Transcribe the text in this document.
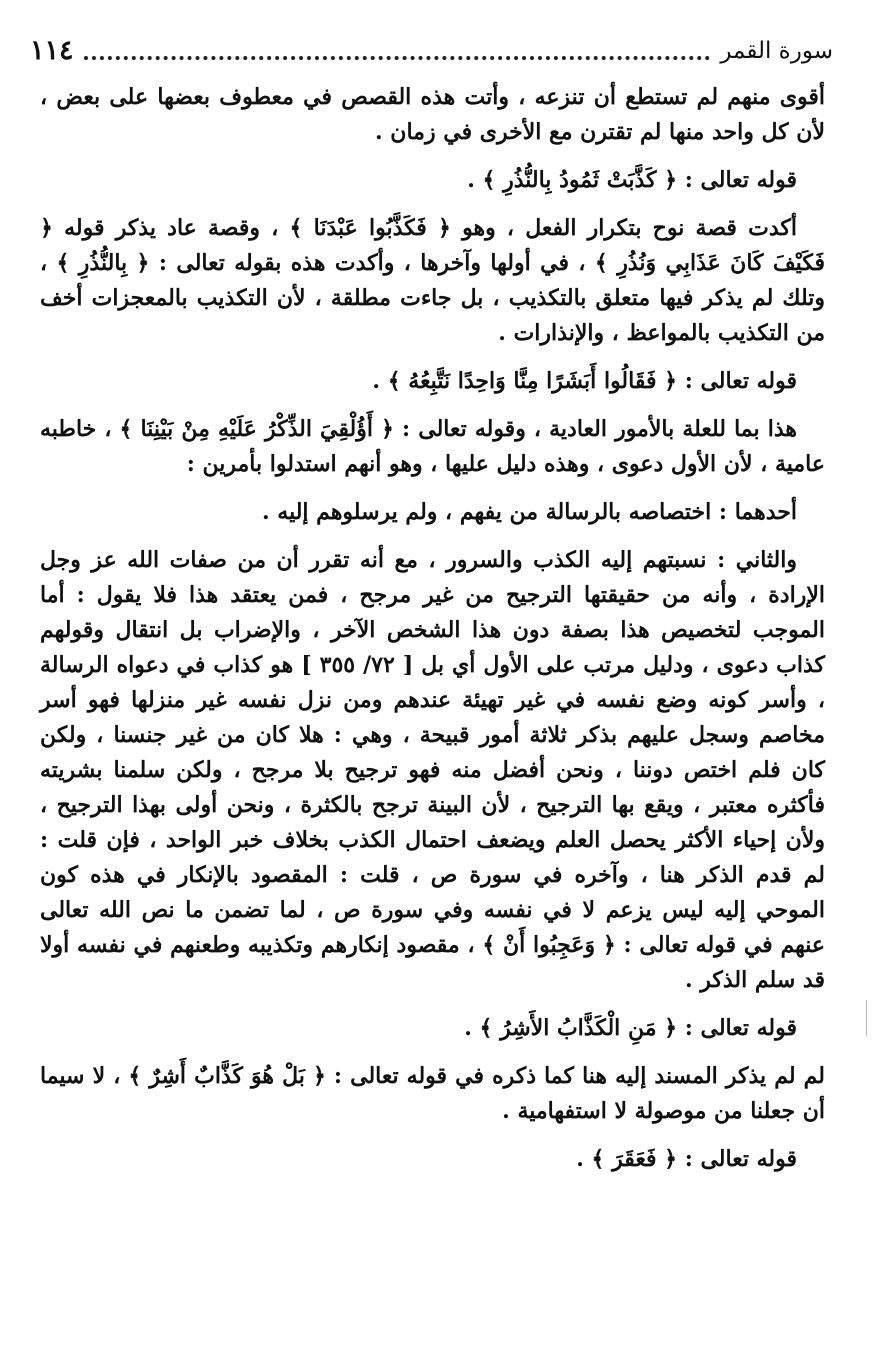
١١٤	سورة القمر

أقوى منهم لم تستطع أن تنزعه ، وأتت هذه القصص في معطوف بعضها على بعض ، لأن كل واحد منها لم تقترن مع الأخرى في زمان .

قوله تعالى : ﴿ كَذَّبَتْ ثَمُودُ بِالنُّذُرِ ﴾ .

أكدت قصة نوح بتكرار الفعل ، وهو ﴿ فَكَذَّبُوا عَبْدَنَا ﴾ ، وقصة عاد يذكر قوله ﴿ فَكَيْفَ كَانَ عَذَابِي وَنُذُرِ ﴾ ، في أولها وآخرها ، وأكدت هذه بقوله تعالى : ﴿ بِالنُّذُرِ ﴾ ، وتلك لم يذكر فيها متعلق بالتكذيب ، بل جاءت مطلقة ، لأن التكذيب بالمعجزات أخف من التكذيب بالمواعظ ، والإنذارات .

قوله تعالى : ﴿ فَقَالُوا أَبَشَرًا مِنَّا وَاحِدًا نَتَّبِعُهُ ﴾ .

هذا بما للعلة بالأمور العادية ، وقوله تعالى : ﴿ أَؤُلْقِيَ الذِّكْرُ عَلَيْهِ مِنْ بَيْنِنَا ﴾ ، خاطبه عامية ، لأن الأول دعوى ، وهذه دليل عليها ، وهو أنهم استدلوا بأمرين :

أحدهما : اختصاصه بالرسالة من يفهم ، ولم يرسلوهم إليه .

والثاني : نسبتهم إليه الكذب والسرور ، مع أنه تقرر أن من صفات الله عز وجل الإرادة ، وأنه من حقيقتها الترجيح من غير مرجح ، فمن يعتقد هذا فلا يقول : أما الموجب لتخصيص هذا بصفة دون هذا الشخص الآخر ، والإضراب بل انتقال وقولهم كذاب دعوى ، ودليل مرتب على الأول أي بل [ ٧٢/ ٣٥٥ ] هو كذاب في دعواه الرسالة ، وأسر كونه وضع نفسه في غير تهيئة عندهم ومن نزل نفسه غير منزلها فهو أسر مخاصم وسجل عليهم بذكر ثلاثة أمور قبيحة ، وهي : هلا كان من غير جنسنا ، ولكن كان فلم اختص دوننا ، ونحن أفضل منه فهو ترجيح بلا مرجح ، ولكن سلمنا بشريته فأكثره معتبر ، ويقع بها الترجيح ، لأن البينة ترجح بالكثرة ، ونحن أولى بهذا الترجيح ، ولأن إحياء الأكثر يحصل العلم ويضعف احتمال الكذب بخلاف خبر الواحد ، فإن قلت : لم قدم الذكر هنا ، وآخره في سورة ص ، قلت : المقصود بالإنكار في هذه كون الموحي إليه ليس يزعم لا في نفسه وفي سورة ص ، لما تضمن ما نص الله تعالى عنهم في قوله تعالى : ﴿ وَعَجِبُوا أَنْ ﴾ ، مقصود إنكارهم وتكذيبه وطعنهم في نفسه أولا قد سلم الذكر .

قوله تعالى : ﴿ مَنِ الْكَذَّابُ الأَشِرُ ﴾ .

لم لم يذكر المسند إليه هنا كما ذكره في قوله تعالى : ﴿ بَلْ هُوَ كَذَّابٌ أَشِرٌ ﴾ ، لا سيما أن جعلنا من موصولة لا استفهامية .

قوله تعالى : ﴿ فَعَقَرَ ﴾ .
